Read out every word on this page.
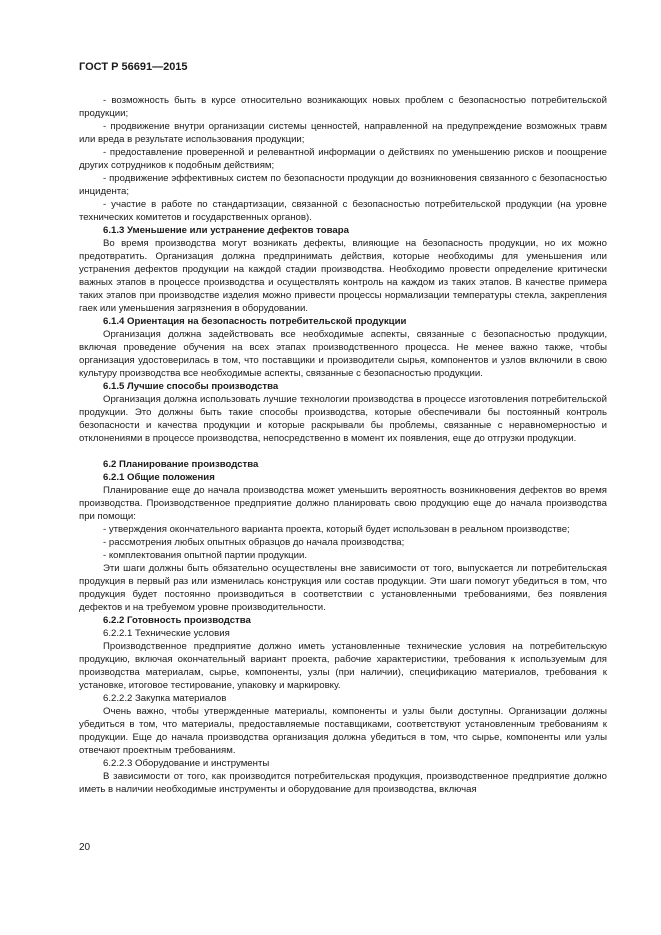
ГОСТ Р 56691—2015

- возможность быть в курсе относительно возникающих новых проблем с безопасностью потребительской продукции;

- продвижение внутри организации системы ценностей, направленной на предупреждение возможных травм или вреда в результате использования продукции;

- предоставление проверенной и релевантной информации о действиях по уменьшению рисков и поощрение других сотрудников к подобным действиям;

- продвижение эффективных систем по безопасности продукции до возникновения связанного с безопасностью инцидента;

- участие в работе по стандартизации, связанной с безопасностью потребительской продукции (на уровне технических комитетов и государственных органов).

6.1.3 Уменьшение или устранение дефектов товара

Во время производства могут возникать дефекты, влияющие на безопасность продукции, но их можно предотвратить. Организация должна предпринимать действия, которые необходимы для уменьшения или устранения дефектов продукции на каждой стадии производства. Необходимо провести определение критически важных этапов в процессе производства и осуществлять контроль на каждом из таких этапов. В качестве примера таких этапов при производстве изделия можно привести процессы нормализации температуры стекла, закрепления гаек или уменьшения загрязнения в оборудовании.

6.1.4 Ориентация на безопасность потребительской продукции

Организация должна задействовать все необходимые аспекты, связанные с безопасностью продукции, включая проведение обучения на всех этапах производственного процесса. Не менее важно также, чтобы организация удостоверилась в том, что поставщики и производители сырья, компонентов и узлов включили в свою культуру производства все необходимые аспекты, связанные с безопасностью продукции.

6.1.5 Лучшие способы производства

Организация должна использовать лучшие технологии производства в процессе изготовления потребительской продукции. Это должны быть такие способы производства, которые обеспечивали бы постоянный контроль безопасности и качества продукции и которые раскрывали бы проблемы, связанные с неравномерностью и отклонениями в процессе производства, непосредственно в момент их появления, еще до отгрузки продукции.

6.2 Планирование производства

6.2.1 Общие положения

Планирование еще до начала производства может уменьшить вероятность возникновения дефектов во время производства. Производственное предприятие должно планировать свою продукцию еще до начала производства при помощи:

- утверждения окончательного варианта проекта, который будет использован в реальном производстве;

- рассмотрения любых опытных образцов до начала производства;

- комплектования опытной партии продукции.

Эти шаги должны быть обязательно осуществлены вне зависимости от того, выпускается ли потребительская продукция в первый раз или изменилась конструкция или состав продукции. Эти шаги помогут убедиться в том, что продукция будет постоянно производиться в соответствии с установленными требованиями, без появления дефектов и на требуемом уровне производительности.

6.2.2 Готовность производства

6.2.2.1 Технические условия

Производственное предприятие должно иметь установленные технические условия на потребительскую продукцию, включая окончательный вариант проекта, рабочие характеристики, требования к используемым для производства материалам, сырье, компоненты, узлы (при наличии), спецификацию материалов, требования к установке, итоговое тестирование, упаковку и маркировку.

6.2.2.2 Закупка материалов

Очень важно, чтобы утвержденные материалы, компоненты и узлы были доступны. Организации должны убедиться в том, что материалы, предоставляемые поставщиками, соответствуют установленным требованиям к продукции. Еще до начала производства организация должна убедиться в том, что сырье, компоненты или узлы отвечают проектным требованиям.

6.2.2.3 Оборудование и инструменты

В зависимости от того, как производится потребительская продукция, производственное предприятие должно иметь в наличии необходимые инструменты и оборудование для производства, включая

20
